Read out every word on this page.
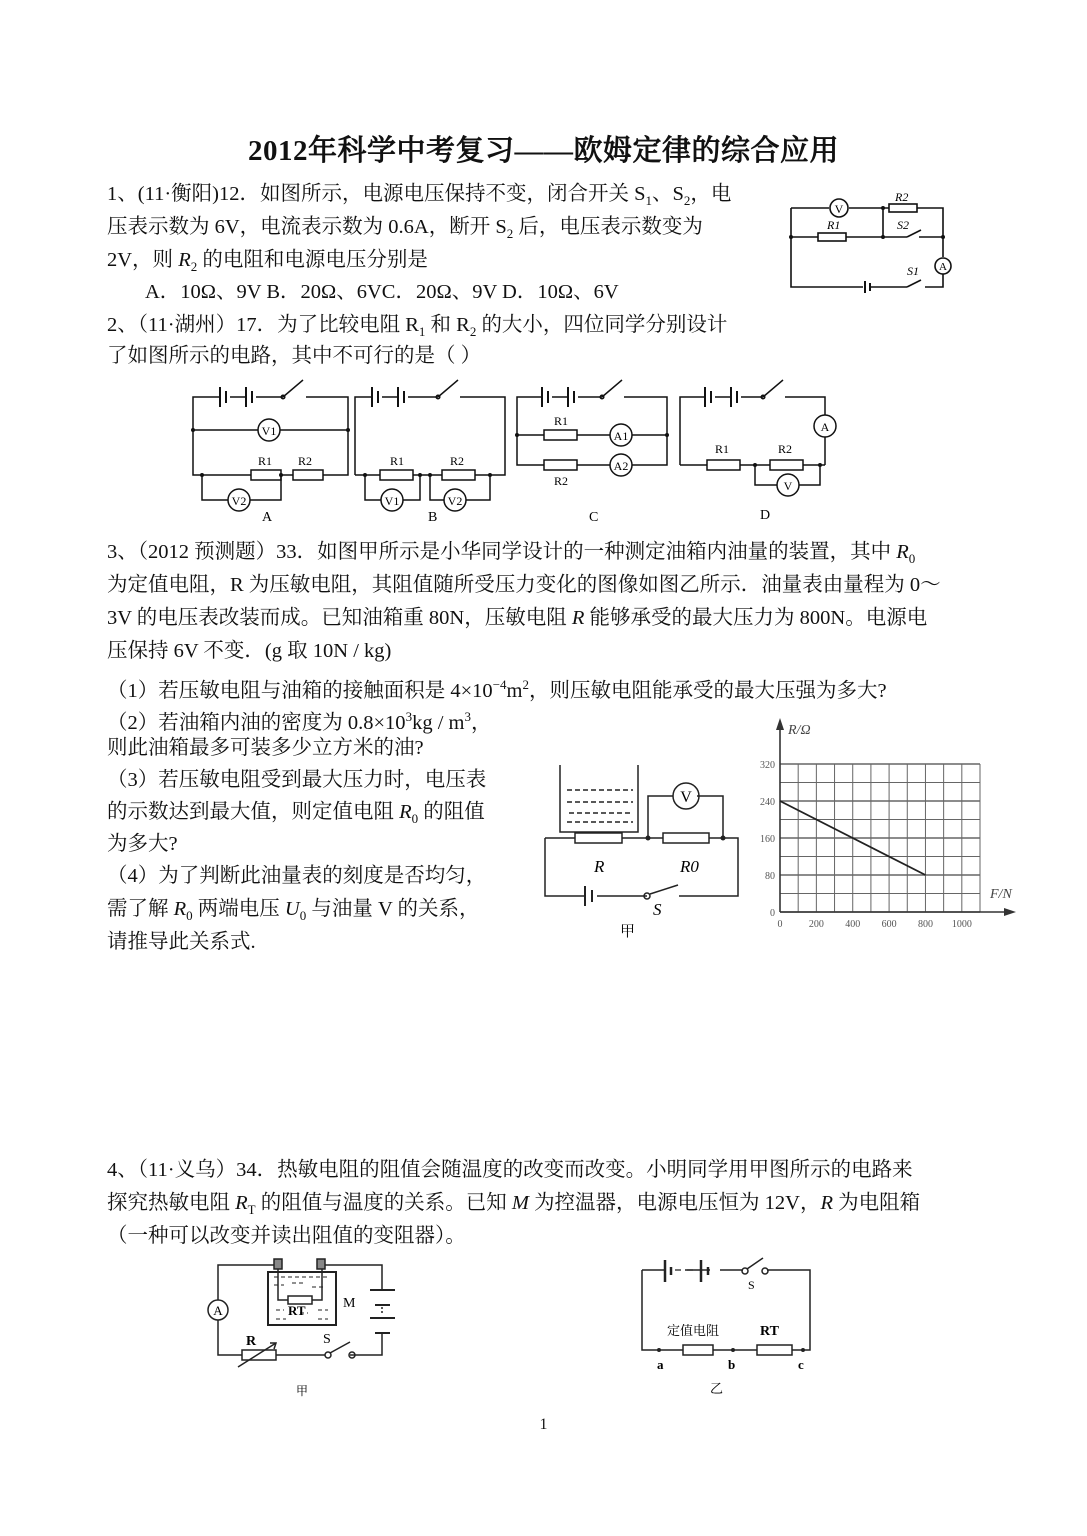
2012年科学中考复习——欧姆定律的综合应用
1、(11·衡阳)12．如图所示，电源电压保持不变，闭合开关 $S_1$、$S_2$，电
压表示数为 6V，电流表示数为 0.6A，断开 $S_2$ 后，电压表示数变为
2V，则 $R_2$ 的电阻和电源电压分别是
A．10Ω、9V B．20Ω、6VC．20Ω、9V D．10Ω、6V
V
A
R2
R1	S2
S1
2、（11·湖州）17．为了比较电阻 $R_1$ 和 $R_2$ 的大小，四位同学分别设计
了如图所示的电路，其中不可行的是（ ）
V1
V2
R1 R2
A
V1	V2
R1	R2
B
A1
A2
R1
R2
C
A
V
R1	R2
D
3、（2012 预测题）33．如图甲所示是小华同学设计的一种测定油箱内油量的装置，其中 $R_0$
为定值电阻，R 为压敏电阻，其阻值随所受压力变化的图像如图乙所示．油量表由量程为 0～
3V 的电压表改装而成。已知油箱重 80N，压敏电阻 R 能够承受的最大压力为 800N。电源电
压保持 6V 不变．(g 取 10N / kg)
（1）若压敏电阻与油箱的接触面积是 $4\times 10^{-4}m^2$，则压敏电阻能承受的最大压强为多大?
（2）若油箱内油的密度为 $0.8\times 10^3kg / m^3$，
则此油箱最多可装多少立方米的油?
（3）若压敏电阻受到最大压力时，电压表
的示数达到最大值，则定值电阻 $R_0$ 的阻值
为多大?
（4）为了判断此油量表的刻度是否均匀，
需了解 $R_0$ 两端电压 $U_0$ 与油量 V 的关系，
请推导此关系式.
V
R	R0
S
甲
0
80
160
240
320
0	200 400 600 800 1000
R/Ω
F/N
4、（11·义乌）34．热敏电阻的阻值会随温度的改变而改变。小明同学用甲图所示的电路来
探究热敏电阻 $R_T$ 的阻值与温度的关系。已知 M 为控温器，电源电压恒为 12V，R 为电阻箱
（一种可以改变并读出阻值的变阻器）。
A	RT	M
R	S
甲
S
定值电阻	RT
a	b	c
乙
1
